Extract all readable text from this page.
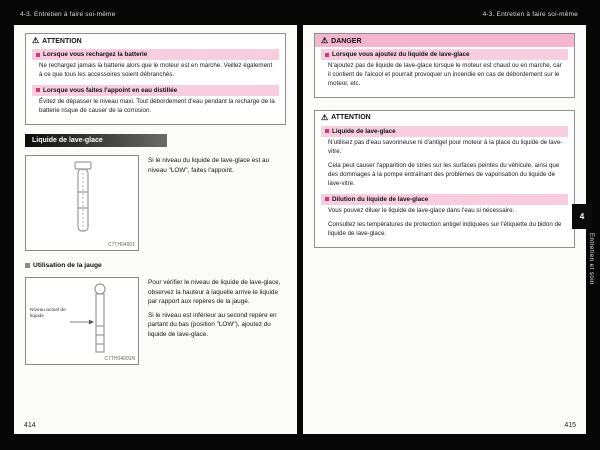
4-3. Entretien à faire soi-même	4-3. Entretien à faire soi-même
⚠ ATTENTION
Lorsque vous rechargez la batterie
Ne rechargez jamais la batterie alors que le moteur est en marche. Veillez également à ce que tous les accessoires soient débranchés.
Lorsque vous faites l'appoint en eau distillée
Évitez de dépasser le niveau maxi. Tout débordement d'eau pendant la recharge de la batterie risque de causer de la corrosion.
Liquide de lave-glace
C7TH04001

Si le niveau du liquide de lave-glace est au niveau "LOW", faites l'appoint.

Utilisation de la jauge
Niveau actuel de liquide
C7TH04001N

Pour vérifier le niveau de liquide de lave-glace, observez la hauteur à laquelle arrive le liquide par rapport aux repères de la jauge.

Si le niveau est inférieur au second repère en partant du bas (position "LOW"), ajoutez du liquide de lave-glace.

414
⚠ DANGER
Lorsque vous ajoutez du liquide de lave-glace
N'ajoutez pas de liquide de lave-glace lorsque le moteur est chaud ou en marche, car il contient de l'alcool et pourrait provoquer un incendie en cas de débordement sur le moteur, etc.
⚠ ATTENTION
Liquide de lave-glace
N'utilisez pas d'eau savonneuse ni d'antigel pour moteur à la place du liquide de lave-vitre.
Cela peut causer l'apparition de stries sur les surfaces peintes du véhicule, ainsi que des dommages à la pompe entraînant des problèmes de vaporisation du liquide de lave-vitre.
Dilution du liquide de lave-glace
Vous pouvez diluer le liquide de lave-glace dans l'eau si nécessaire.
Consultez les températures de protection antigel indiquées sur l'étiquette du bidon de liquide de lave-glace.
415
4
Entretien et soin
